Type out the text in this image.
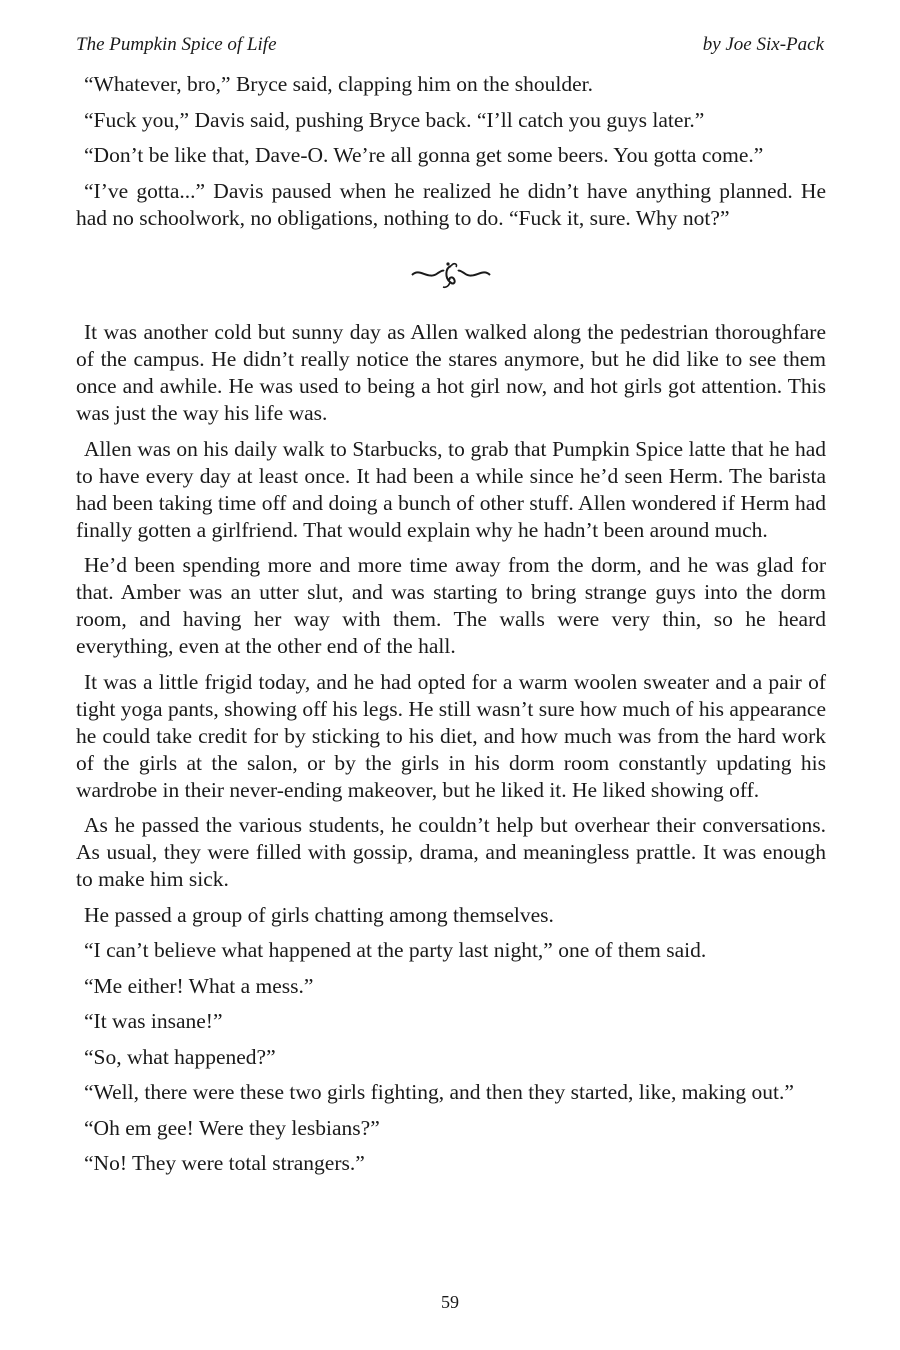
The Pumpkin Spice of Life	by Joe Six-Pack

“Whatever, bro,” Bryce said, clapping him on the shoulder.

“Fuck you,” Davis said, pushing Bryce back. “I’ll catch you guys later.”

“Don’t be like that, Dave-O. We’re all gonna get some beers. You gotta come.”

“I’ve gotta...” Davis paused when he realized he didn’t have anything planned. He had no schoolwork, no obligations, nothing to do. “Fuck it, sure. Why not?”

It was another cold but sunny day as Allen walked along the pedestrian thoroughfare of the campus. He didn’t really notice the stares anymore, but he did like to see them once and awhile. He was used to being a hot girl now, and hot girls got attention. This was just the way his life was.

Allen was on his daily walk to Starbucks, to grab that Pumpkin Spice latte that he had to have every day at least once. It had been a while since he’d seen Herm. The barista had been taking time off and doing a bunch of other stuff. Allen wondered if Herm had finally gotten a girlfriend. That would explain why he hadn’t been around much.

He’d been spending more and more time away from the dorm, and he was glad for that. Amber was an utter slut, and was starting to bring strange guys into the dorm room, and having her way with them. The walls were very thin, so he heard everything, even at the other end of the hall.

It was a little frigid today, and he had opted for a warm woolen sweater and a pair of tight yoga pants, showing off his legs. He still wasn’t sure how much of his appearance he could take credit for by sticking to his diet, and how much was from the hard work of the girls at the salon, or by the girls in his dorm room constantly updating his wardrobe in their never-ending makeover, but he liked it. He liked showing off.

As he passed the various students, he couldn’t help but overhear their conversations. As usual, they were filled with gossip, drama, and meaningless prattle. It was enough to make him sick.

He passed a group of girls chatting among themselves.

“I can’t believe what happened at the party last night,” one of them said.

“Me either! What a mess.”

“It was insane!”

“So, what happened?”

“Well, there were these two girls fighting, and then they started, like, making out.”

“Oh em gee! Were they lesbians?”

“No! They were total strangers.”

59
